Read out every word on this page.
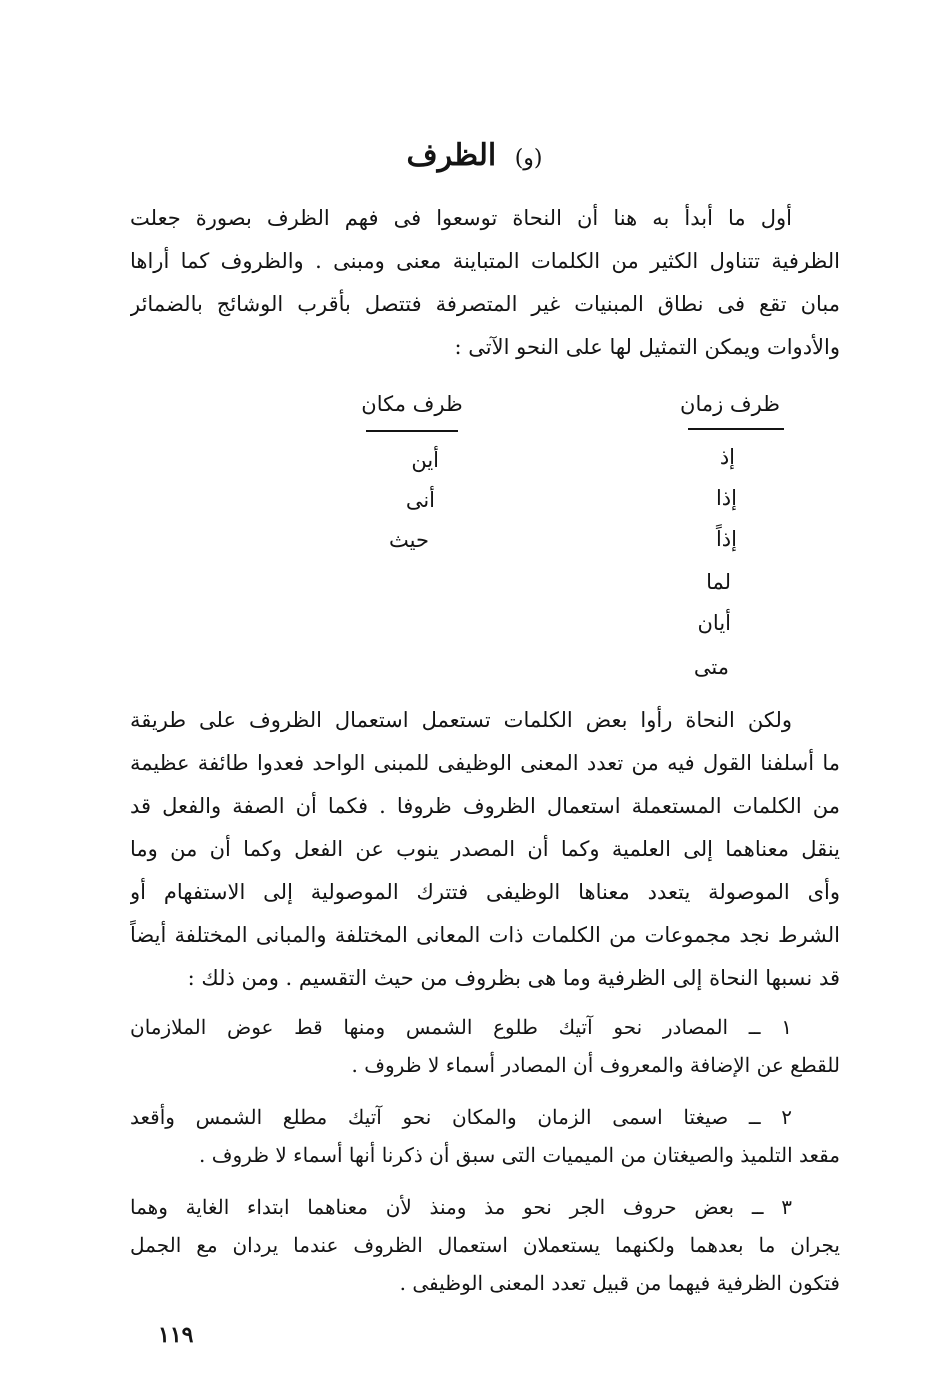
(و) الظرف
أول ما أبدأ به هنا أن النحاة توسعوا فى فهم الظرف بصورة جعلت
الظرفية تتناول الكثير من الكلمات المتباينة معنى ومبنى . والظروف كما أراها
مبان تقع فى نطاق المبنيات غير المتصرفة فتتصل بأقرب الوشائج بالضمائر
والأدوات ويمكن التمثيل لها على النحو الآتى :
ظرف زمان
ظرف مكان
إذ
إذا
إذاً
لما
أيان
متى
أين
أنى
حيث
ولكن النحاة رأوا بعض الكلمات تستعمل استعمال الظروف على طريقة
ما أسلفنا القول فيه من تعدد المعنى الوظيفى للمبنى الواحد فعدوا طائفة عظيمة
من الكلمات المستعملة استعمال الظروف ظروفا . فكما أن الصفة والفعل قد
ينقل معناهما إلى العلمية وكما أن المصدر ينوب عن الفعل وكما أن من وما
وأى الموصولة يتعدد معناها الوظيفى فتترك الموصولية إلى الاستفهام أو
الشرط نجد مجموعات من الكلمات ذات المعانى المختلفة والمبانى المختلفة أيضاً
قد نسبها النحاة إلى الظرفية وما هى بظروف من حيث التقسيم . ومن ذلك :
١ ــ المصادر نحو آتيك طلوع الشمس ومنها قط عوض الملازمان
للقطع عن الإضافة والمعروف أن المصادر أسماء لا ظروف .
٢ ــ صيغتا اسمى الزمان والمكان نحو آتيك مطلع الشمس وأقعد
مقعد التلميذ والصيغتان من الميميات التى سبق أن ذكرنا أنها أسماء لا ظروف .
٣ ــ بعض حروف الجر نحو مذ ومنذ لأن معناهما ابتداء الغاية وهما
يجران ما بعدهما ولكنهما يستعملان استعمال الظروف عندما يردان مع الجمل
فتكون الظرفية فيهما من قبيل تعدد المعنى الوظيفى .
١١٩
